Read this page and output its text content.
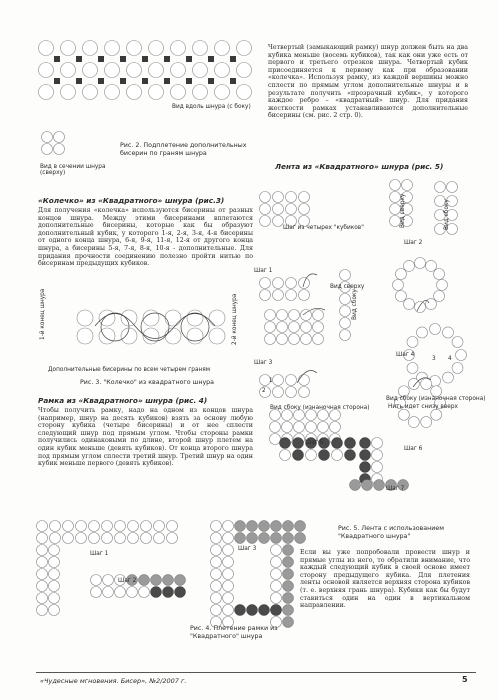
Вид вдоль шнура (с боку)
Вид в сечении шнура (сверху)
Рис. 2. Подплетение дополнительных бисерин по граням шнура
Четвертый (замыкающий рамку) шнур должен быть на два кубика меньше (восемь кубиков), так как они уже есть от первого и третьего отрезков шнура. Четвертый кубик присоединяется к первому как при образовании «колечка». Используя рамку, из каждой вершины можно сплести по прямым углом дополнительные шнуры и в результате получить «прозрачный кубик», у которого каждое ребро – «квадратный» шнур. Для придания жесткости рамках устанавливаются дополнительные бисерины (см. рис. 2 стр. 0).
«Колечко» из «Квадратного» шнура (рис.3)
Для получения «колечка» используются бисерины от разных концов шнура. Между этими бисеринами вплетаются дополнительные бисерины, которые как бы образуют дополнительный кубик, у которого 1-я, 2-я, 3-я, 4-я бисерины от одного конца шнура, 6-я, 9-я, 11-я, 12-я от другого конца шнура, а бисерины 5-я, 7-я, 8-я, 10-я - дополнительные. Для придания прочности соединению полезно пройти нитью по бисеринам предыдущих кубиков.
1-й конец шнура	2-й конец шнура
Дополнительные бисерины по всем четырем граням
Рис. 3. "Колечко" из квадратного шнура
Рамка из «Квадратного» шнура (рис. 4)
Чтобы получить рамку, надо на одном из концов шнура (например, шнур на десять кубиков) взять за основу любую сторону кубика (четыре бисерины) и от нее сплести следующий шнур под прямым углом. Чтобы стороны рамки получились одинаковыми по длине, второй шнур плетем на один кубик меньше (девять кубиков). От конца второго шнура под прямым углом сплести третий шнур. Третий шнур на один кубик меньше первого (девять кубиков).
Шаг 1
Шаг 2
Шаг 3
Рис. 4. Плетение рамки из "Квадратного" шнура
Лента из «Квадратного» шнура (рис. 5)
Шаг из четырех "кубиков"
Шаг 1
Шаг 2
Шаг 3
Шаг 4
Шаг 5
Шаг 6
Шаг 7
Вид сверху	Вид сбоку
Вид сверху
Вид сбоку
Вид сбоку (изнаночная сторона)
Вид сбоку (изнаночная сторона)
Нить идет снизу вверх
1
2
3 4
Рис. 5. Лента с использованием "Квадратного шнура"
Если вы уже попробовали провести шнур и прямые углы из него, то обратили внимание, что каждый следующий кубик в своей основе имеет сторону предыдущего кубика. Для плетения ленты основой является верхняя сторона кубиков (т. е. верхняя грань шнура). Кубики как бы будут ставиться один на один в вертикальном направлении.
«Чудесные мгновения. Бисер», №2/2007 г.	5
